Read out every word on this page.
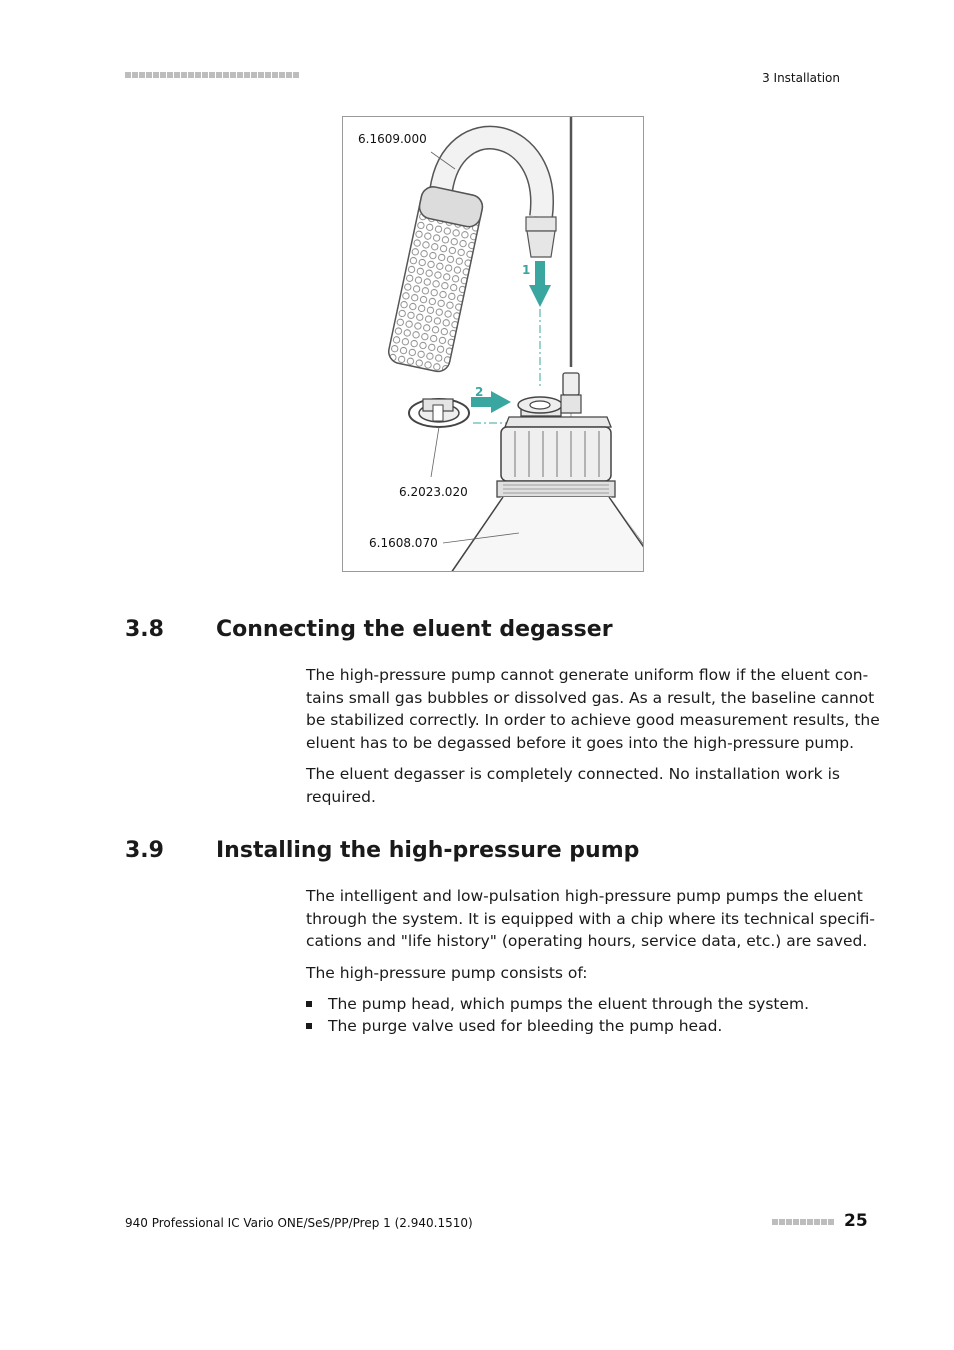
3 Installation
6.1609.000
1
2
6.2023.020
6.1608.070
3.8 Connecting the eluent degasser
The high-pressure pump cannot generate uniform flow if the eluent con-
tains small gas bubbles or dissolved gas. As a result, the baseline cannot
be stabilized correctly. In order to achieve good measurement results, the
eluent has to be degassed before it goes into the high-pressure pump.
The eluent degasser is completely connected. No installation work is
required.
3.9 Installing the high-pressure pump
The intelligent and low-pulsation high-pressure pump pumps the eluent
through the system. It is equipped with a chip where its technical specifi-
cations and "life history" (operating hours, service data, etc.) are saved.
The high-pressure pump consists of:
The pump head, which pumps the eluent through the system.
The purge valve used for bleeding the pump head.
940 Professional IC Vario ONE/SeS/PP/Prep 1 (2.940.1510)	25
